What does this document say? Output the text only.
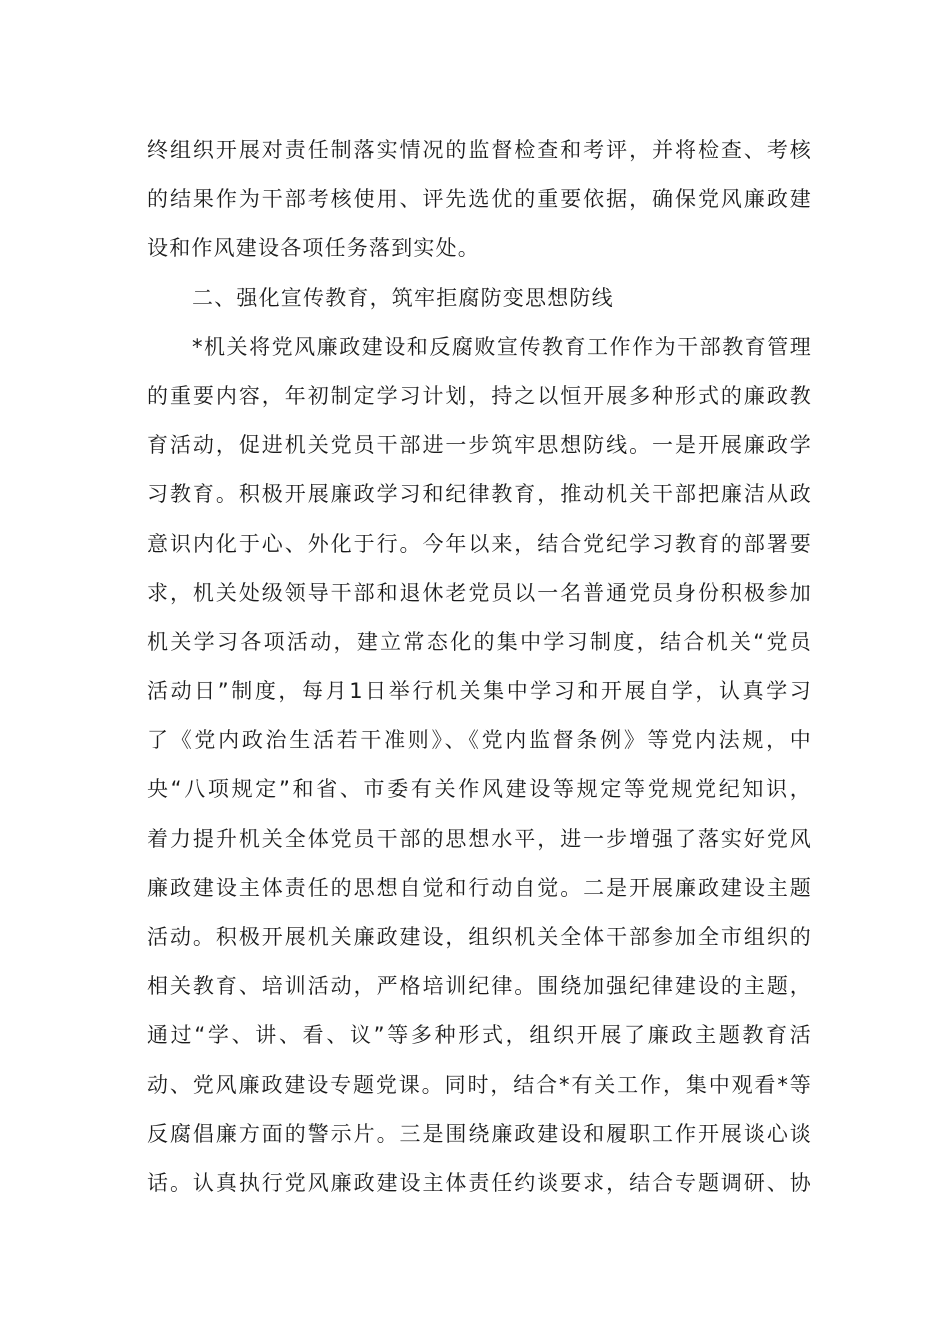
终组织开展对责任制落实情况的监督检查和考评，并将检查、考核
的结果作为干部考核使用、评先选优的重要依据，确保党风廉政建
设和作风建设各项任务落到实处。
二、强化宣传教育，筑牢拒腐防变思想防线
*机关将党风廉政建设和反腐败宣传教育工作作为干部教育管理
的重要内容，年初制定学习计划，持之以恒开展多种形式的廉政教
育活动，促进机关党员干部进一步筑牢思想防线。一是开展廉政学
习教育。积极开展廉政学习和纪律教育，推动机关干部把廉洁从政
意识内化于心、外化于行。今年以来，结合党纪学习教育的部署要
求，机关处级领导干部和退休老党员以一名普通党员身份积极参加
机关学习各项活动，建立常态化的集中学习制度，结合机关“党员
活动日”制度，每月1日举行机关集中学习和开展自学，认真学习
了《党内政治生活若干准则》、《党内监督条例》等党内法规，中
央“八项规定”和省、市委有关作风建设等规定等党规党纪知识，
着力提升机关全体党员干部的思想水平，进一步增强了落实好党风
廉政建设主体责任的思想自觉和行动自觉。二是开展廉政建设主题
活动。积极开展机关廉政建设，组织机关全体干部参加全市组织的
相关教育、培训活动，严格培训纪律。围绕加强纪律建设的主题，
通过“学、讲、看、议”等多种形式，组织开展了廉政主题教育活
动、党风廉政建设专题党课。同时，结合*有关工作，集中观看*等
反腐倡廉方面的警示片。三是围绕廉政建设和履职工作开展谈心谈
话。认真执行党风廉政建设主体责任约谈要求，结合专题调研、协
